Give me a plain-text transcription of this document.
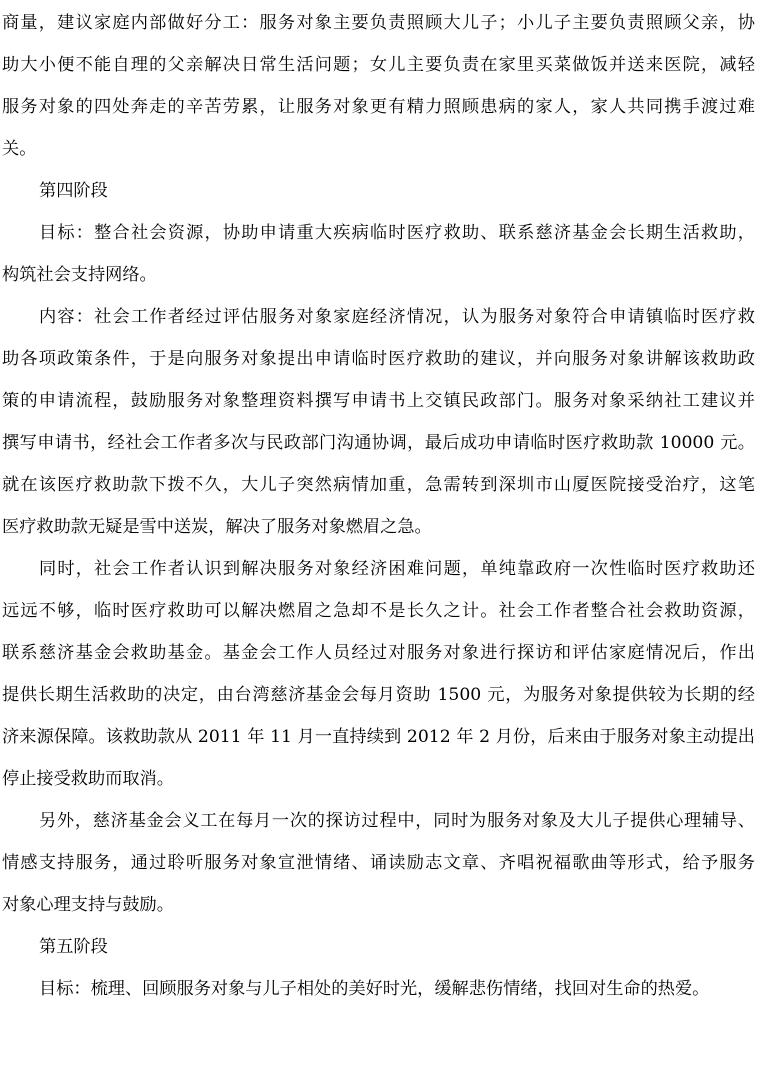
商量，建议家庭内部做好分工：服务对象主要负责照顾大儿子；小儿子主要负责照顾父亲，协
助大小便不能自理的父亲解决日常生活问题；女儿主要负责在家里买菜做饭并送来医院，减轻
服务对象的四处奔走的辛苦劳累，让服务对象更有精力照顾患病的家人，家人共同携手渡过难
关。
第四阶段
目标：整合社会资源，协助申请重大疾病临时医疗救助、联系慈济基金会长期生活救助，
构筑社会支持网络。
内容：社会工作者经过评估服务对象家庭经济情况，认为服务对象符合申请镇临时医疗救
助各项政策条件，于是向服务对象提出申请临时医疗救助的建议，并向服务对象讲解该救助政
策的申请流程，鼓励服务对象整理资料撰写申请书上交镇民政部门。服务对象采纳社工建议并
撰写申请书，经社会工作者多次与民政部门沟通协调，最后成功申请临时医疗救助款 10000 元。
就在该医疗救助款下拨不久，大儿子突然病情加重，急需转到深圳市山厦医院接受治疗，这笔
医疗救助款无疑是雪中送炭，解决了服务对象燃眉之急。
同时，社会工作者认识到解决服务对象经济困难问题，单纯靠政府一次性临时医疗救助还
远远不够，临时医疗救助可以解决燃眉之急却不是长久之计。社会工作者整合社会救助资源，
联系慈济基金会救助基金。基金会工作人员经过对服务对象进行探访和评估家庭情况后，作出
提供长期生活救助的决定，由台湾慈济基金会每月资助 1500 元，为服务对象提供较为长期的经
济来源保障。该救助款从 2011 年 11 月一直持续到 2012 年 2 月份，后来由于服务对象主动提出
停止接受救助而取消。
另外，慈济基金会义工在每月一次的探访过程中，同时为服务对象及大儿子提供心理辅导、
情感支持服务，通过聆听服务对象宣泄情绪、诵读励志文章、齐唱祝福歌曲等形式，给予服务
对象心理支持与鼓励。
第五阶段
目标：梳理、回顾服务对象与儿子相处的美好时光，缓解悲伤情绪，找回对生命的热爱。
